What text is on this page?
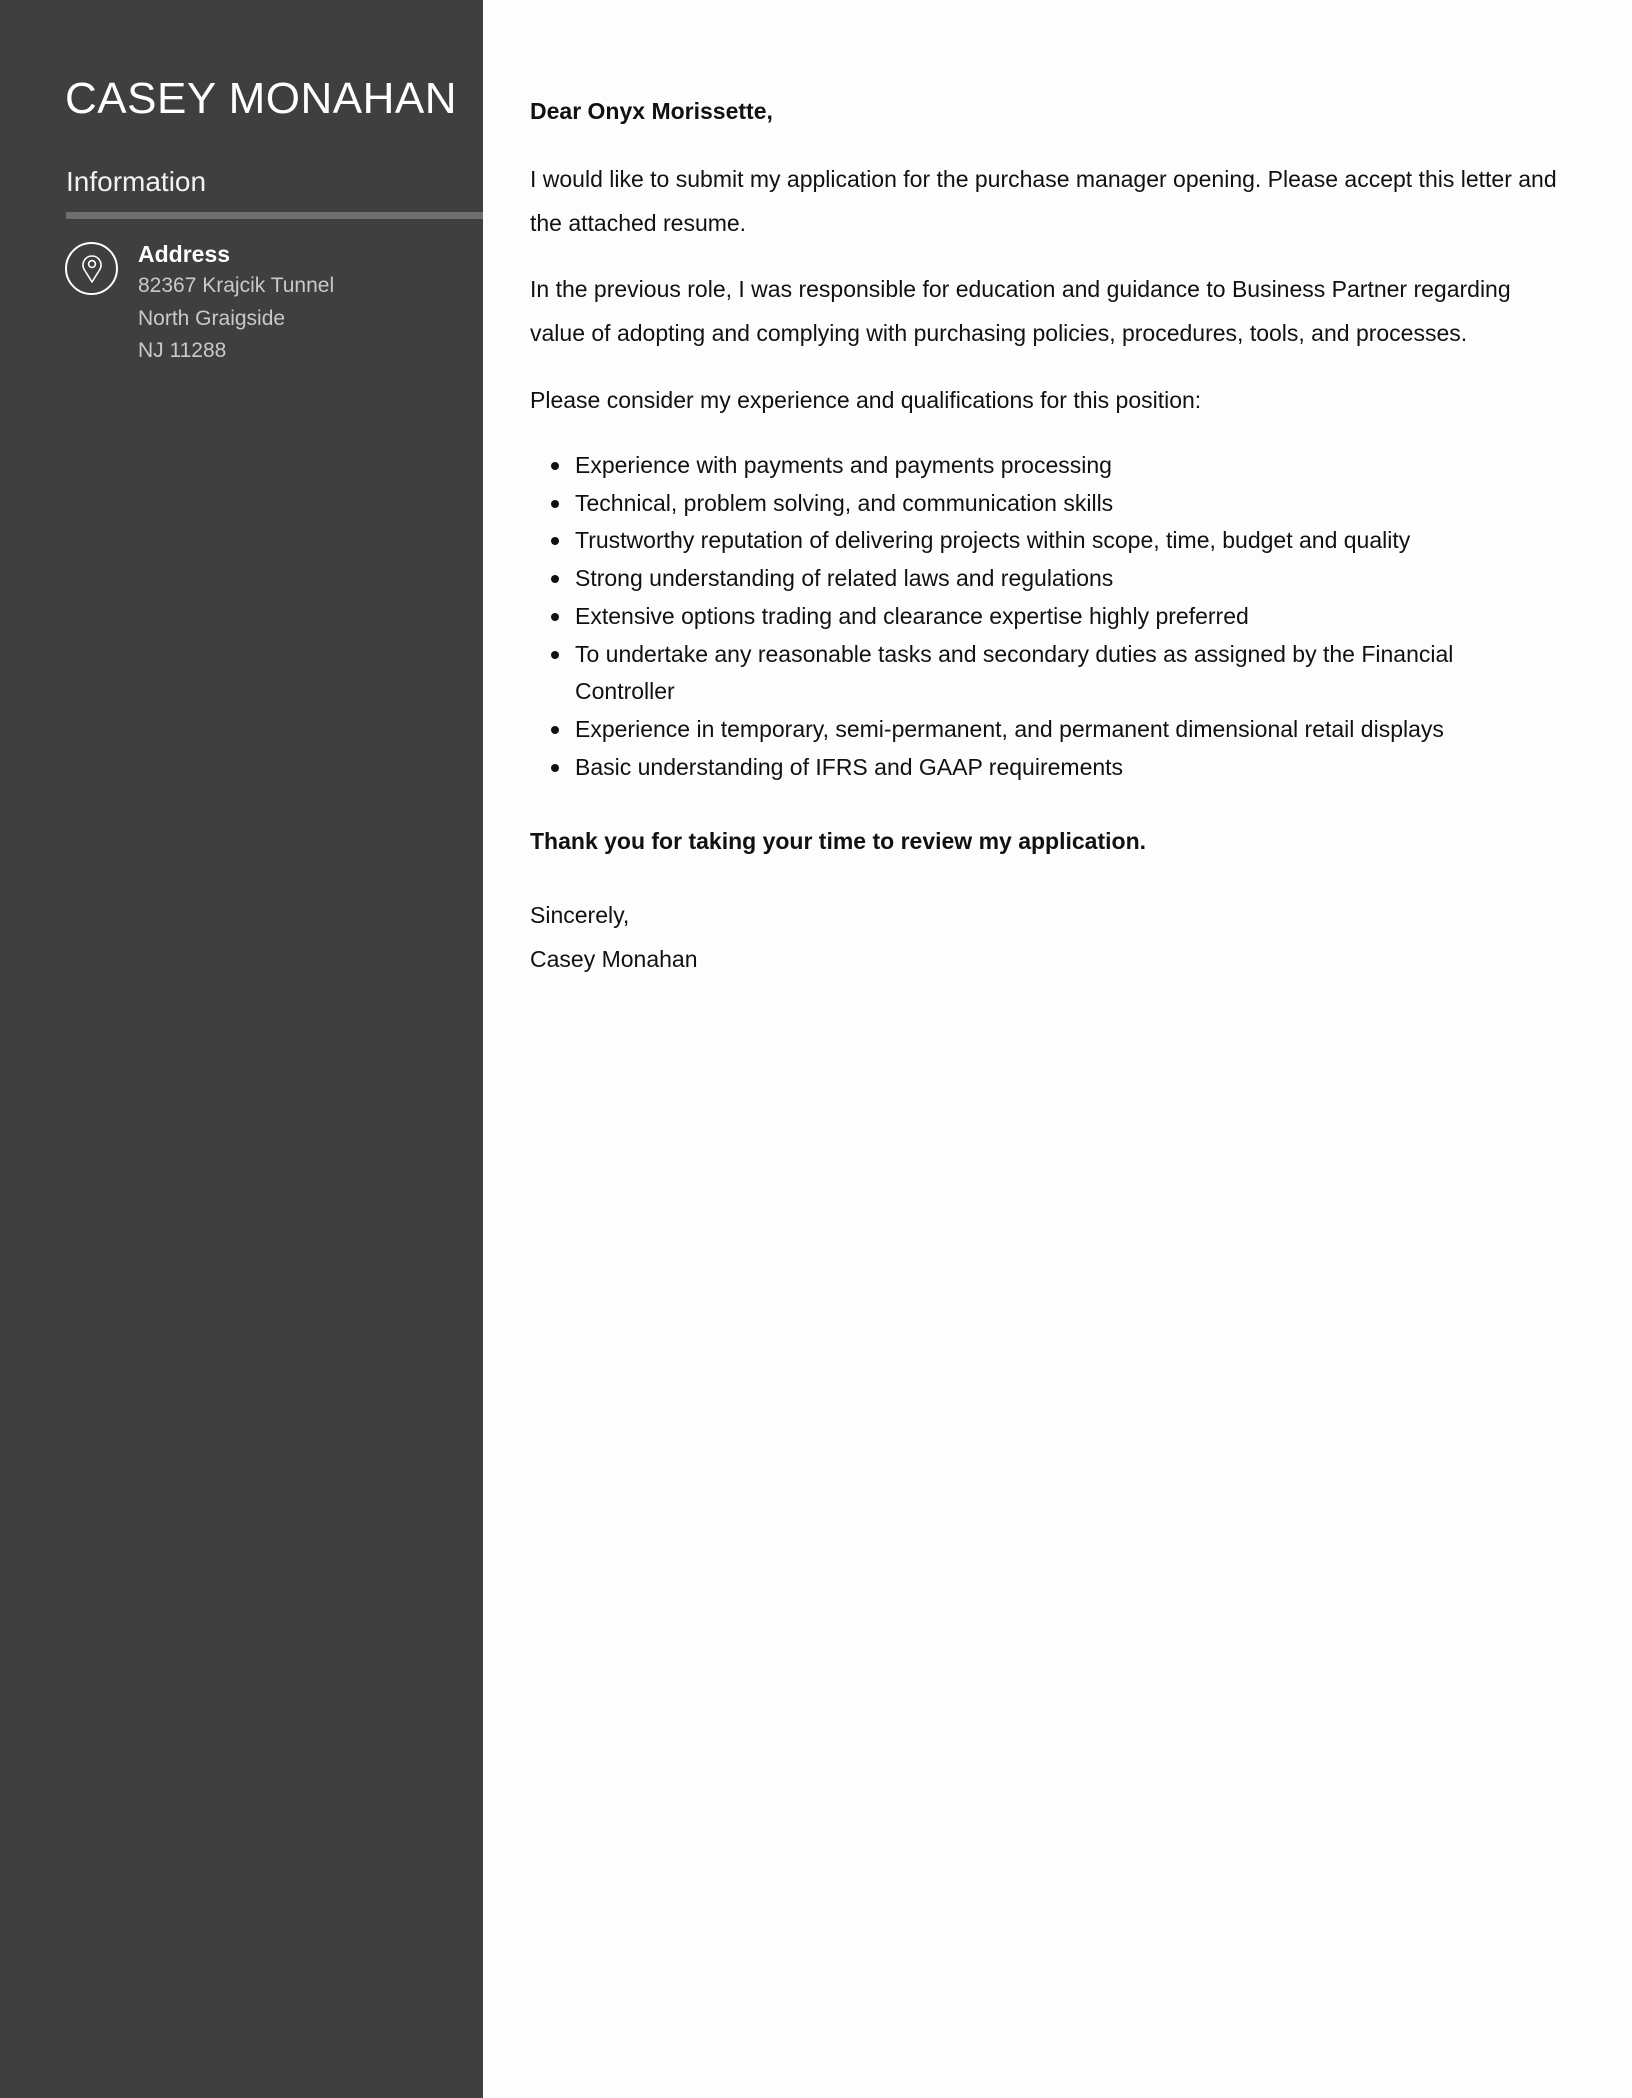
CASEY MONAHAN
Information
Address
82367 Krajcik Tunnel
North Graigside
NJ 11288

Dear Onyx Morissette,

I would like to submit my application for the purchase manager opening. Please accept this letter and the attached resume.

In the previous role, I was responsible for education and guidance to Business Partner regarding value of adopting and complying with purchasing policies, procedures, tools, and processes.

Please consider my experience and qualifications for this position:

Experience with payments and payments processing
Technical, problem solving, and communication skills
Trustworthy reputation of delivering projects within scope, time, budget and quality
Strong understanding of related laws and regulations
Extensive options trading and clearance expertise highly preferred
To undertake any reasonable tasks and secondary duties as assigned by the Financial Controller
Experience in temporary, semi-permanent, and permanent dimensional retail displays
Basic understanding of IFRS and GAAP requirements

Thank you for taking your time to review my application.

Sincerely,
Casey Monahan
